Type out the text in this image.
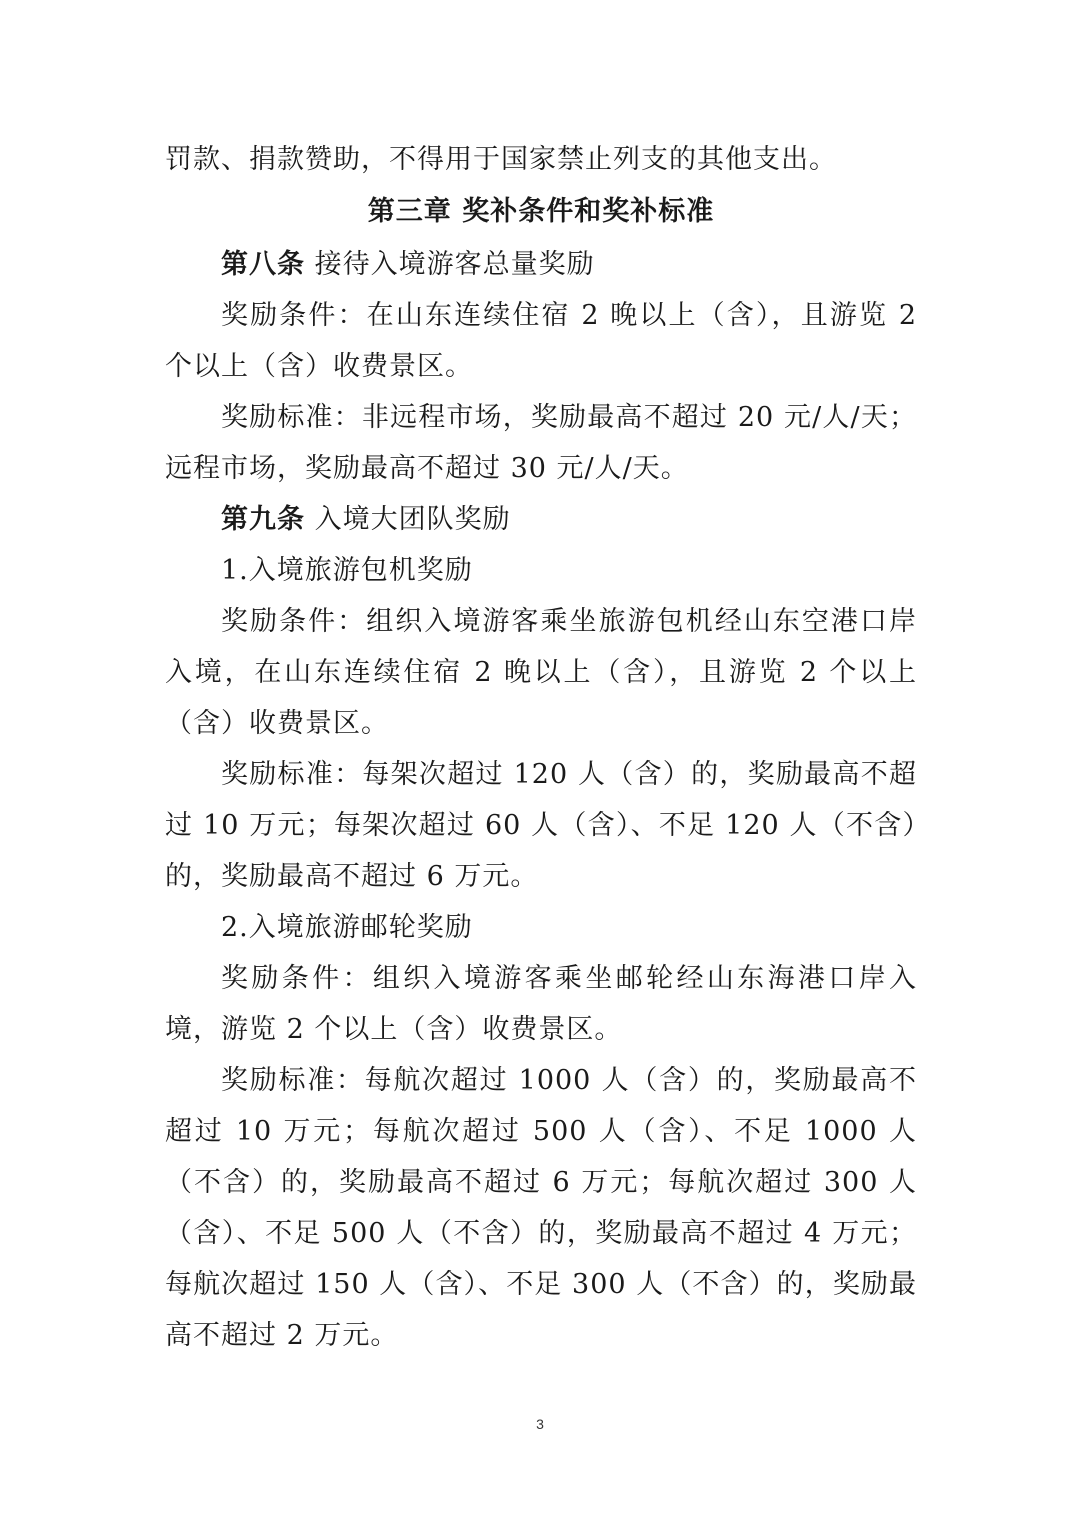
罚款、捐款赞助，不得用于国家禁止列支的其他支出。

第三章 奖补条件和奖补标准

第八条 接待入境游客总量奖励

奖励条件：在山东连续住宿 2 晚以上（含），且游览 2 个以上（含）收费景区。

奖励标准：非远程市场，奖励最高不超过 20 元/人/天；远程市场，奖励最高不超过 30 元/人/天。

第九条 入境大团队奖励

1.入境旅游包机奖励

奖励条件：组织入境游客乘坐旅游包机经山东空港口岸入境，在山东连续住宿 2 晚以上（含），且游览 2 个以上（含）收费景区。

奖励标准：每架次超过 120 人（含）的，奖励最高不超过 10 万元；每架次超过 60 人（含）、不足 120 人（不含）的，奖励最高不超过 6 万元。

2.入境旅游邮轮奖励

奖励条件：组织入境游客乘坐邮轮经山东海港口岸入境，游览 2 个以上（含）收费景区。

奖励标准：每航次超过 1000 人（含）的，奖励最高不超过 10 万元；每航次超过 500 人（含）、不足 1000 人（不含）的，奖励最高不超过 6 万元；每航次超过 300 人（含）、不足 500 人（不含）的，奖励最高不超过 4 万元；每航次超过 150 人（含）、不足 300 人（不含）的，奖励最高不超过 2 万元。

3
